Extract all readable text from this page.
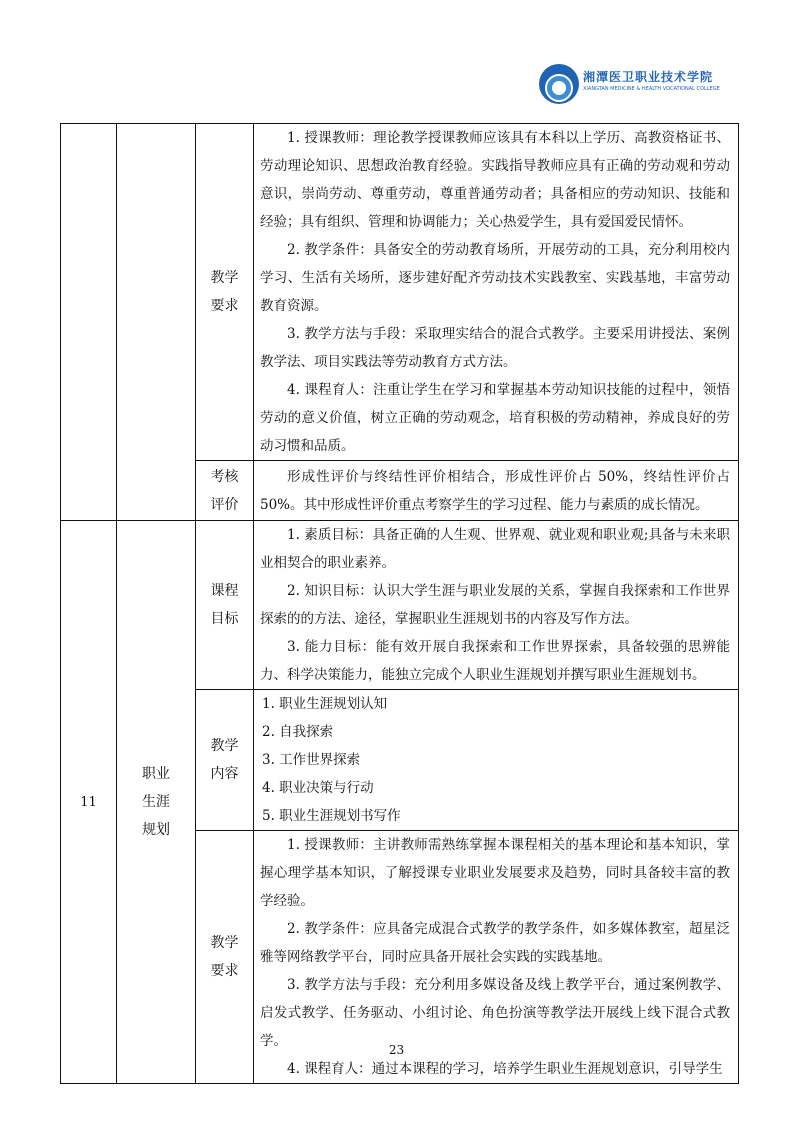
湘潭医卫职业技术学院
XIANGTAN MEDICINE & HEALTH VOCATIONAL COLLEGE
		教学要求	1. 授课教师：理论教学授课教师应该具有本科以上学历、高教资格证书、劳动理论知识、思想政治教育经验。实践指导教师应具有正确的劳动观和劳动意识，崇尚劳动、尊重劳动，尊重普通劳动者；具备相应的劳动知识、技能和经验；具有组织、管理和协调能力；关心热爱学生，具有爱国爱民情怀。

2. 教学条件：具备安全的劳动教育场所，开展劳动的工具，充分利用校内学习、生活有关场所，逐步建好配齐劳动技术实践教室、实践基地，丰富劳动教育资源。

3. 教学方法与手段：采取理实结合的混合式教学。主要采用讲授法、案例教学法、项目实践法等劳动教育方式方法。

4. 课程育人：注重让学生在学习和掌握基本劳动知识技能的过程中，领悟劳动的意义价值，树立正确的劳动观念，培育积极的劳动精神，养成良好的劳动习惯和品质。

		考核评价	形成性评价与终结性评价相结合，形成性评价占 50%，终结性评价占 50%。其中形成性评价重点考察学生的学习过程、能力与素质的成长情况。

11	职业生涯规划	课程目标	1. 素质目标：具备正确的人生观、世界观、就业观和职业观;具备与未来职业相契合的职业素养。

2. 知识目标：认识大学生涯与职业发展的关系，掌握自我探索和工作世界探索的的方法、途径，掌握职业生涯规划书的内容及写作方法。

3. 能力目标：能有效开展自我探索和工作世界探索，具备较强的思辨能力、科学决策能力，能独立完成个人职业生涯规划并撰写职业生涯规划书。

		教学内容	1. 职业生涯规划认知

2. 自我探索

3. 工作世界探索

4. 职业决策与行动

5. 职业生涯规划书写作

		教学要求	1. 授课教师：主讲教师需熟练掌握本课程相关的基本理论和基本知识，掌握心理学基本知识，了解授课专业职业发展要求及趋势，同时具备较丰富的教学经验。

2. 教学条件：应具备完成混合式教学的教学条件，如多媒体教室，超星泛雅等网络教学平台，同时应具备开展社会实践的实践基地。

3. 教学方法与手段：充分利用多媒设备及线上教学平台，通过案例教学、启发式教学、任务驱动、小组讨论、角色扮演等教学法开展线上线下混合式教学。

4. 课程育人：通过本课程的学习，培养学生职业生涯规划意识，引导学生

23
